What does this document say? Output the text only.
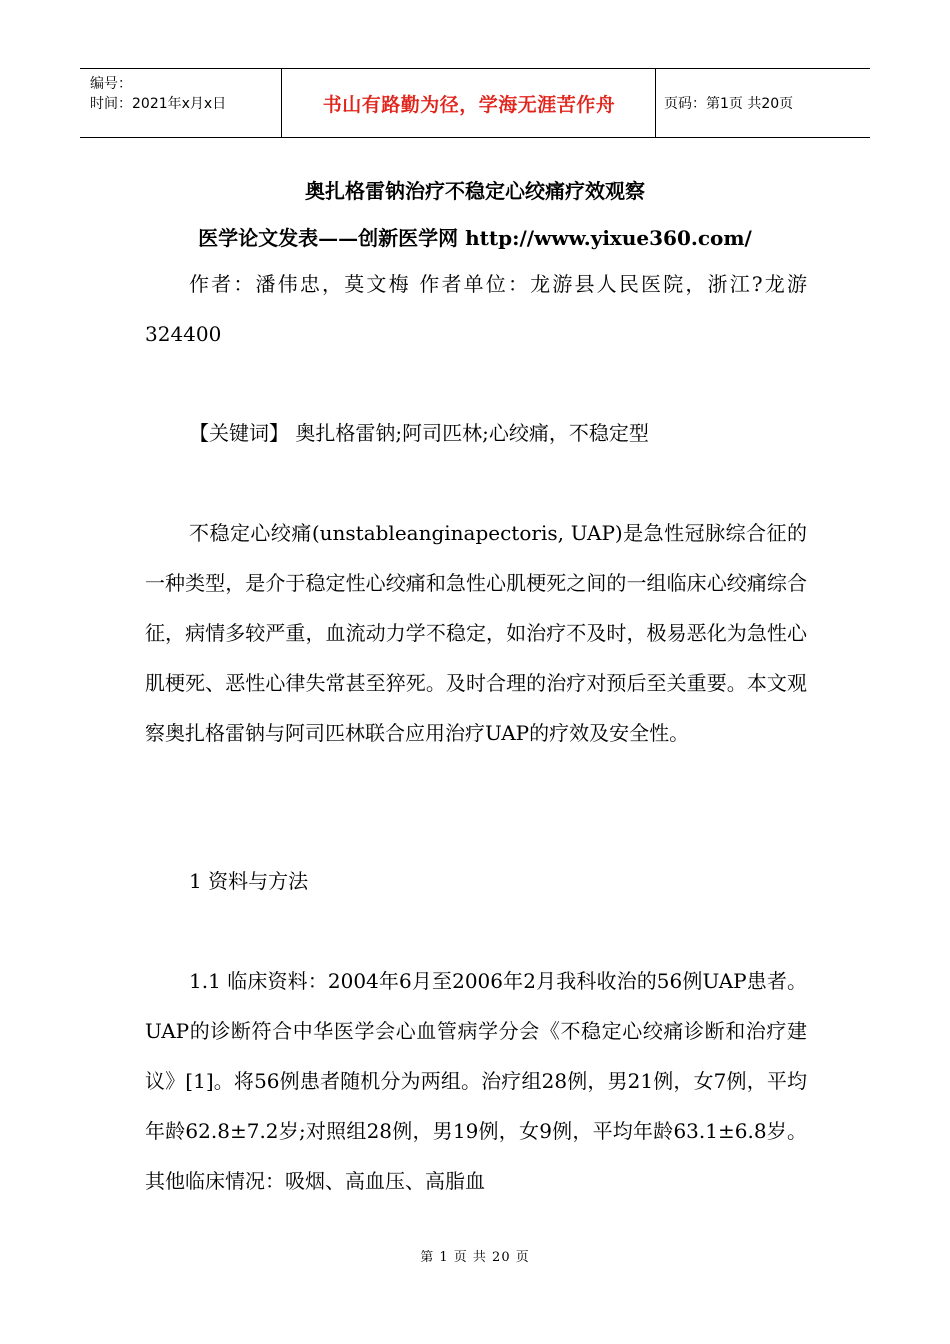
编号：
时间：2021年x月x日	书山有路勤为径，学海无涯苦作舟	页码：第1页 共20页
奥扎格雷钠治疗不稳定心绞痛疗效观察
医学论文发表——创新医学网 http://www.yixue360.com/
作者：潘伟忠，莫文梅 作者单位：龙游县人民医院，浙江?龙游 324400
【关键词】 奥扎格雷钠;阿司匹林;心绞痛，不稳定型
不稳定心绞痛(unstableanginapectoris, UAP)是急性冠脉综合征的一种类型，是介于稳定性心绞痛和急性心肌梗死之间的一组临床心绞痛综合征，病情多较严重，血流动力学不稳定，如治疗不及时，极易恶化为急性心肌梗死、恶性心律失常甚至猝死。及时合理的治疗对预后至关重要。本文观察奥扎格雷钠与阿司匹林联合应用治疗UAP的疗效及安全性。
1 资料与方法
1.1 临床资料：2004年6月至2006年2月我科收治的56例UAP患者。UAP的诊断符合中华医学会心血管病学分会《不稳定心绞痛诊断和治疗建议》[1]。将56例患者随机分为两组。治疗组28例，男21例，女7例，平均年龄62.8±7.2岁;对照组28例，男19例，女9例，平均年龄63.1±6.8岁。其他临床情况：吸烟、高血压、高脂血
第 1 页 共 20 页
